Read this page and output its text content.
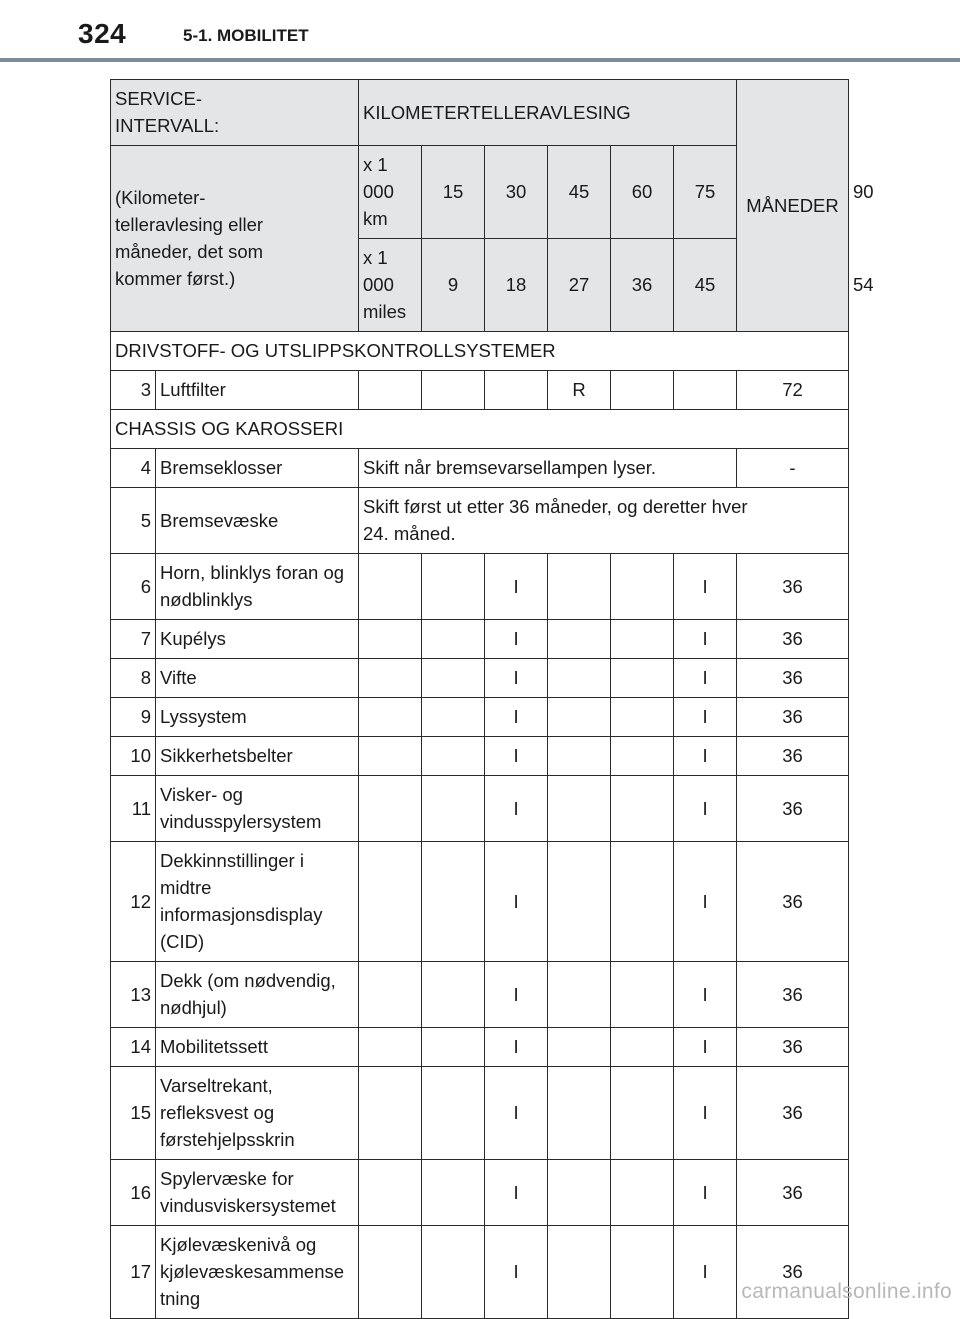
324	5-1. MOBILITET
SERVICE-
INTERVALL:		KILOMETERTELLERAVLESING						MÅNEDER	
(Kilometer-
telleravlesing eller
måneder, det som
kommer først.)		x 1 000
km	15	30	45	60	75		90
		x 1 000
miles	9	18	27	36	45		54
DRIVSTOFF- OG UTSLIPPSKONTROLLSYSTEMER									
3	Luftfilter				R			72	
CHASSIS OG KAROSSERI									
4	Bremseklosser	Skift når bremsevarsellampen lyser.						-	
5	Bremsevæske	Skift først ut etter 36 måneder, og deretter hver
24. måned.							
6	Horn, blinklys foran og
nødblinklys			I			I	36	
7	Kupélys			I			I	36	
8	Vifte			I			I	36	
9	Lyssystem			I			I	36	
10	Sikkerhetsbelter			I			I	36	
11	Visker- og
vindusspylersystem			I			I	36	
12	Dekkinnstillinger i
midtre
informasjonsdisplay
(CID)			I			I	36	
13	Dekk (om nødvendig,
nødhjul)			I			I	36	
14	Mobilitetssett			I			I	36	
15	Varseltrekant,
refleksvest og
førstehjelpsskrin			I			I	36	
16	Spylervæske for
vindusviskersystemet			I			I	36	
17	Kjølevæskenivå og
kjølevæskesammense
tning			I			I	36	
carmanualsonline.info
